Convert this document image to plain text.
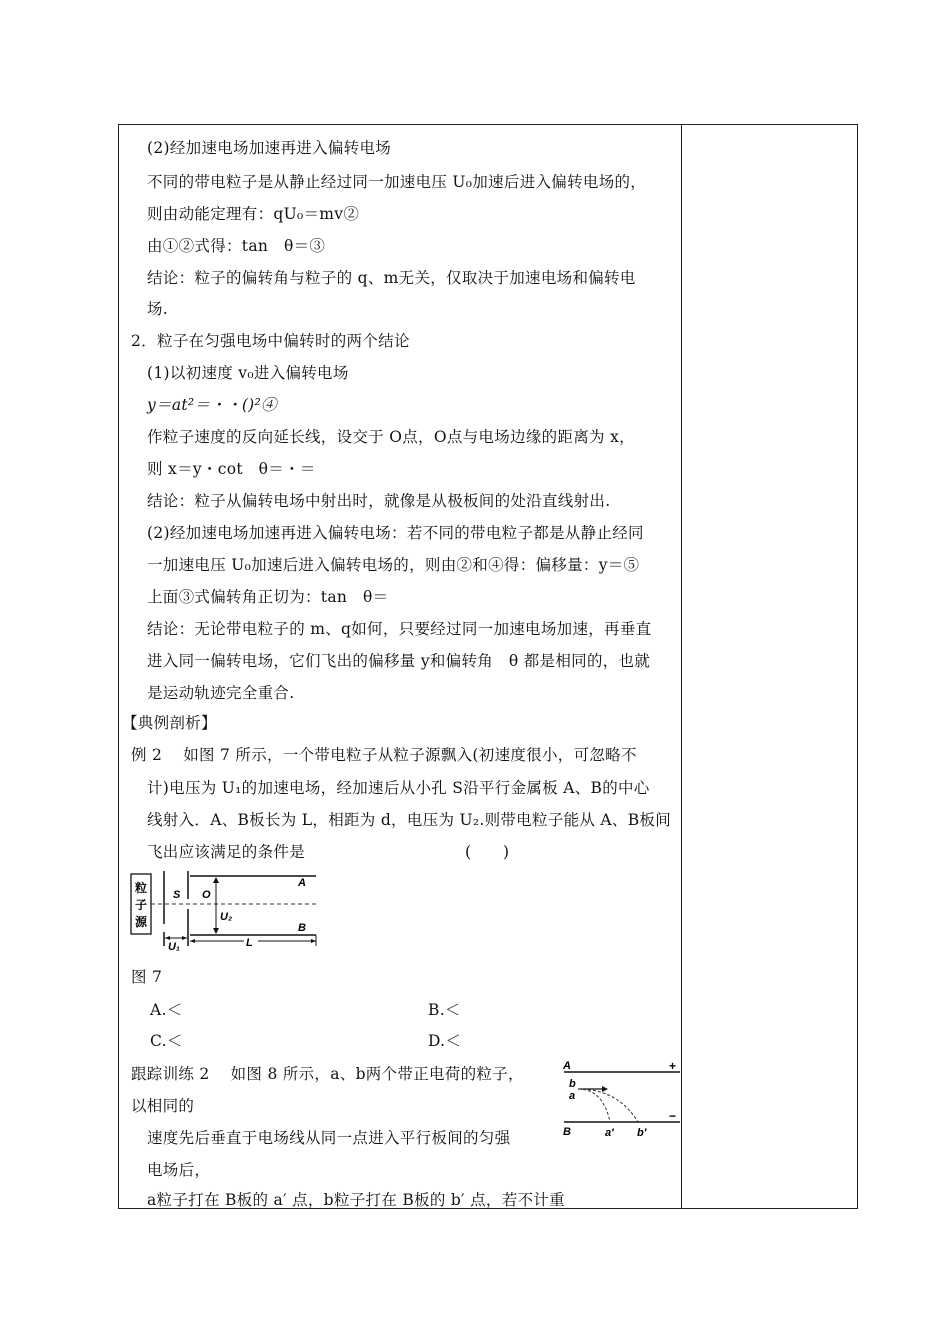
(2)经加速电场加速再进入偏转电场
不同的带电粒子是从静止经过同一加速电压 U₀加速后进入偏转电场的，
则由动能定理有：qU₀＝mv②
由①②式得：tan　θ＝③
结论：粒子的偏转角与粒子的 q、m无关，仅取决于加速电场和偏转电
场.
2．粒子在匀强电场中偏转时的两个结论
(1)以初速度 v₀进入偏转电场
y＝at²＝・・()²④
作粒子速度的反向延长线，设交于 O点，O点与电场边缘的距离为 x，
则 x＝y・cot　θ＝・＝
结论：粒子从偏转电场中射出时，就像是从极板间的处沿直线射出.
(2)经加速电场加速再进入偏转电场：若不同的带电粒子都是从静止经同
一加速电压 U₀加速后进入偏转电场的，则由②和④得：偏移量：y＝⑤
上面③式偏转角正切为：tan　θ＝
结论：无论带电粒子的 m、q如何，只要经过同一加速电场加速，再垂直
进入同一偏转电场，它们飞出的偏移量 y和偏转角　θ 都是相同的，也就
是运动轨迹完全重合.
【典例剖析】
例 2　 如图 7 所示，一个带电粒子从粒子源飘入(初速度很小，可忽略不
计)电压为 U₁的加速电场，经加速后从小孔 S沿平行金属板 A、B的中心
线射入．A、B板长为 L，相距为 d，电压为 U₂.则带电粒子能从 A、B板间
飞出应该满足的条件是	(　　)
粒
子
源
S O
A
B
U₂
U₁	L
图 7
A.＜	B.＜
C.＜	D.＜
跟踪训练 2　 如图 8 所示，a、b两个带正电荷的粒子，
以相同的
速度先后垂直于电场线从同一点进入平行板间的匀强
电场后，
a粒子打在 B板的 a′ 点，b粒子打在 B板的 b′ 点，若不计重
A	+
B
−
b
a
a′ b′
